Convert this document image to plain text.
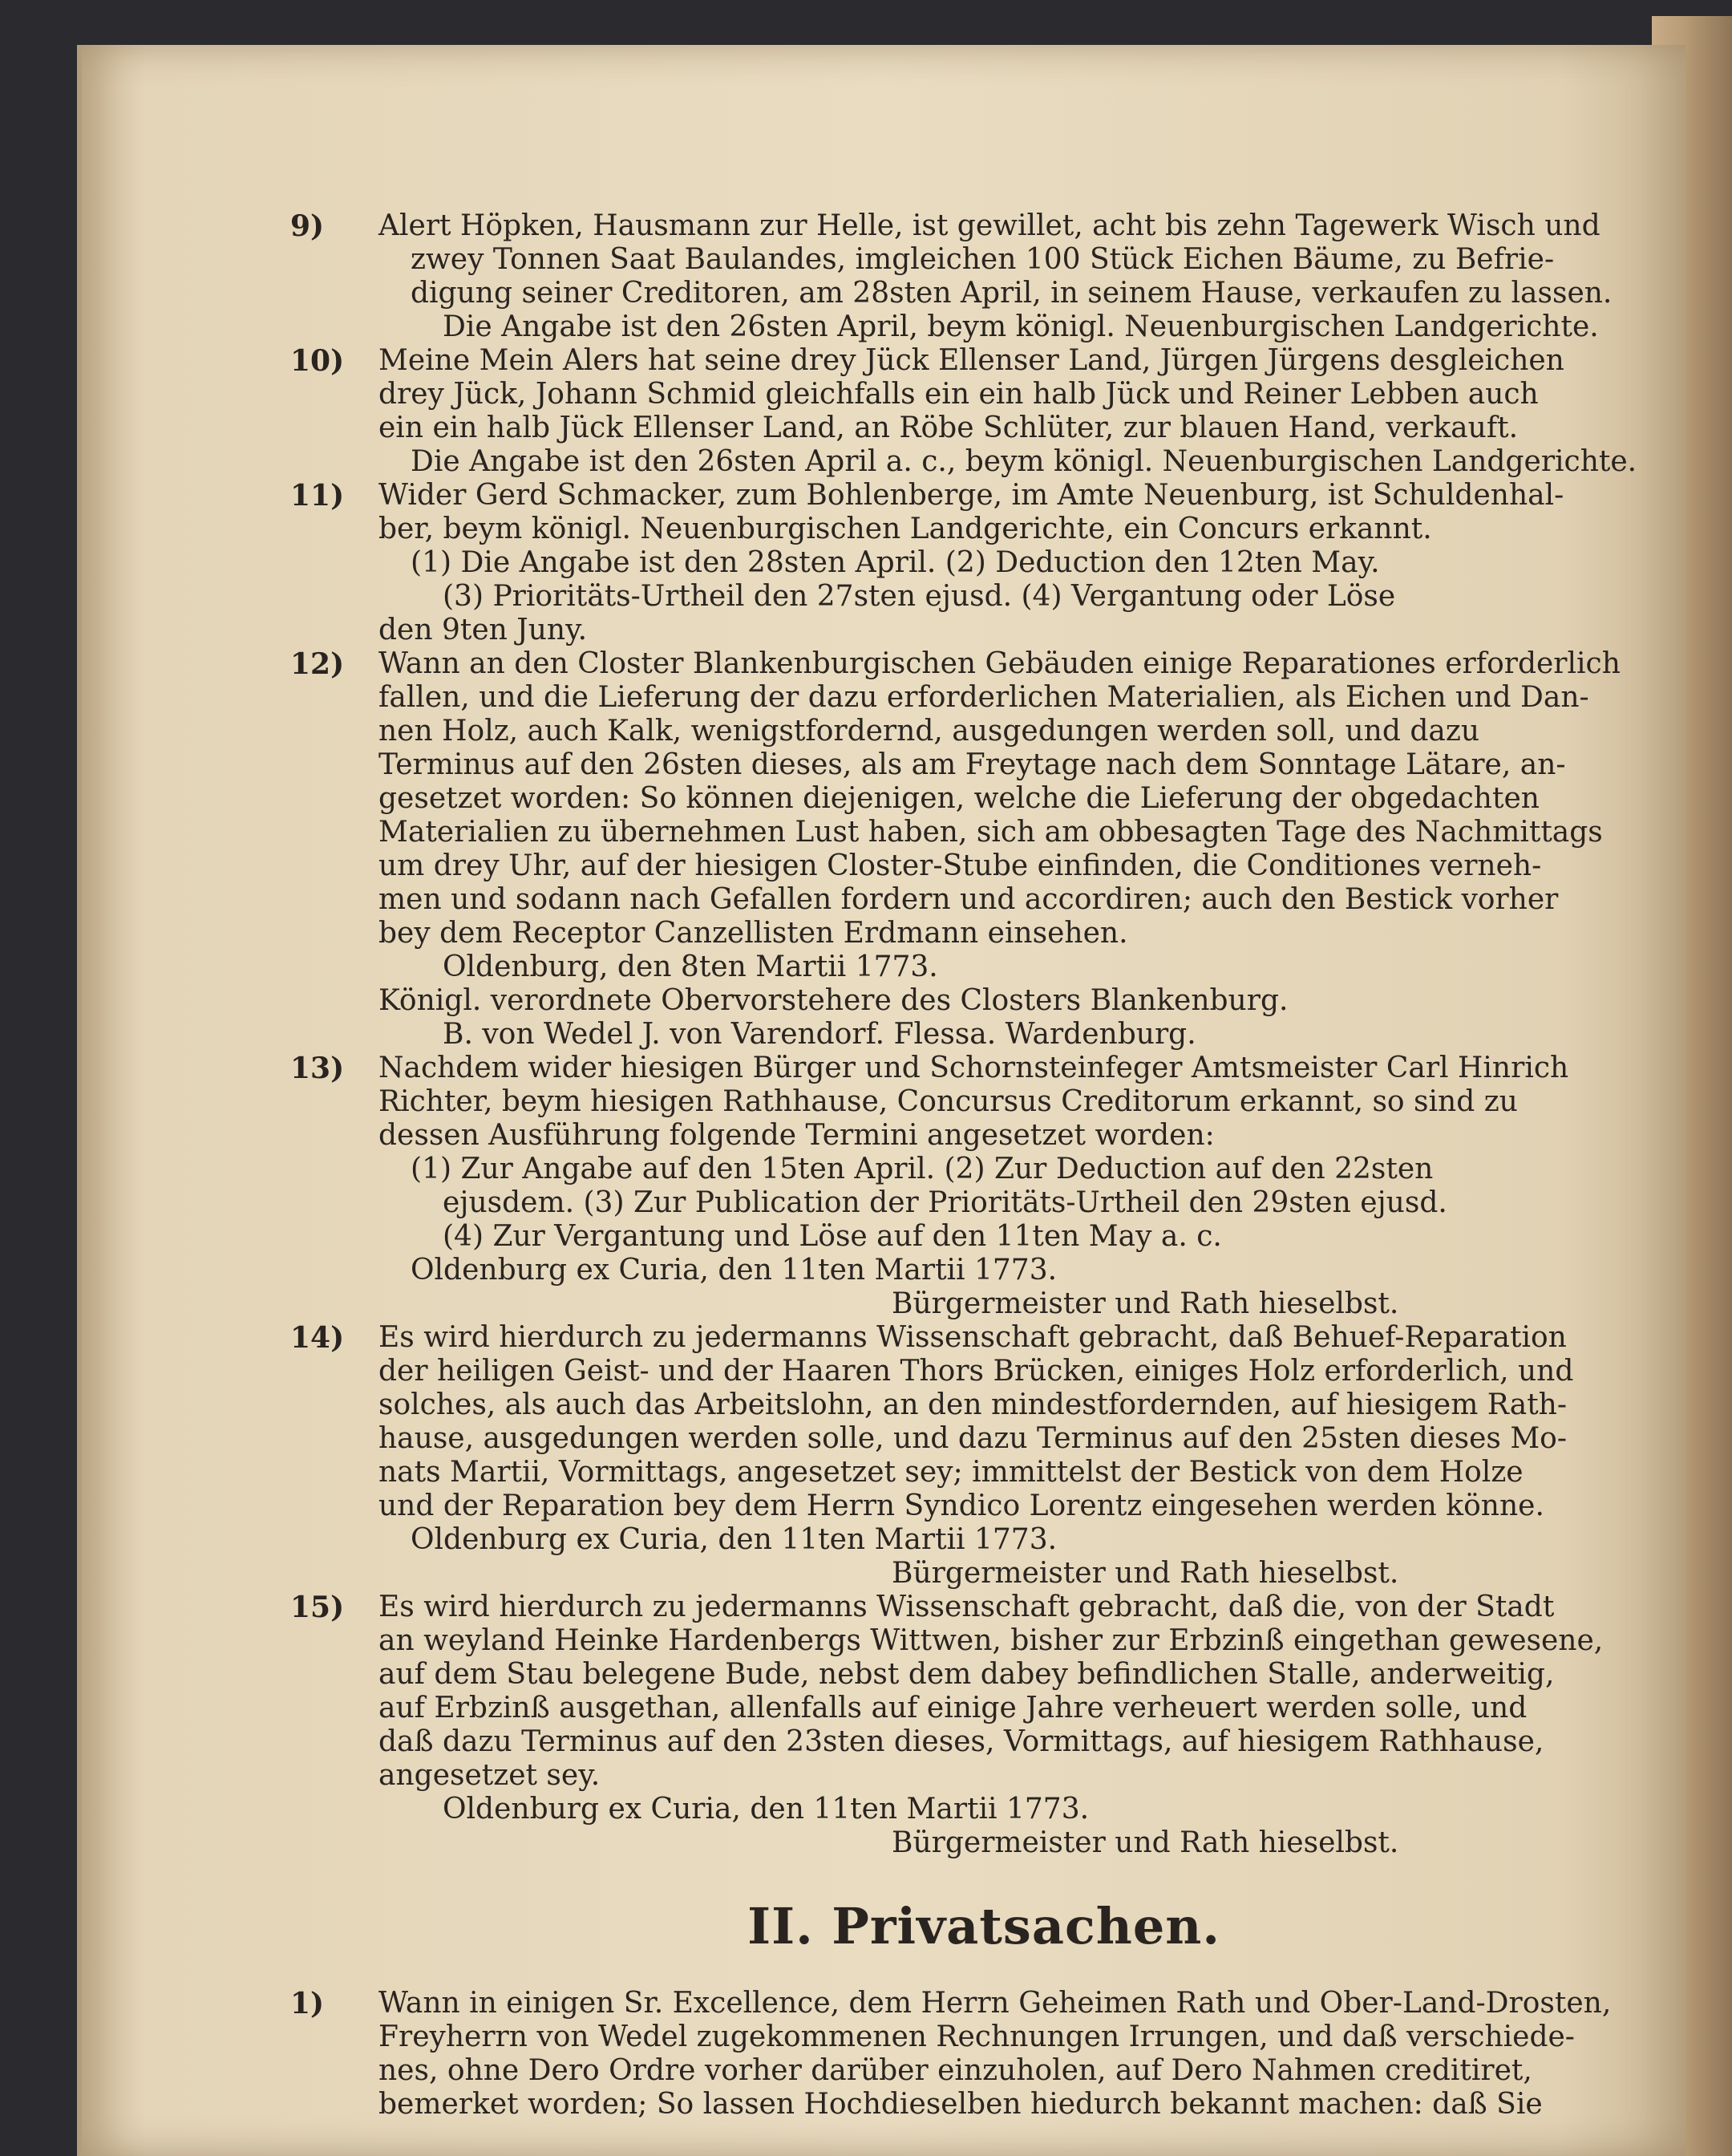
9)	Alert Höpken, Hausmann zur Helle, ist gewillet, acht bis zehn Tagewerk Wisch und
zwey Tonnen Saat Baulandes, imgleichen 100 Stück Eichen Bäume, zu Befrie-
digung seiner Creditoren, am 28sten April, in seinem Hause, verkaufen zu lassen.
Die Angabe ist den 26sten April, beym königl. Neuenburgischen Landgerichte.
10)	Meine Mein Alers hat seine drey Jück Ellenser Land, Jürgen Jürgens desgleichen
drey Jück, Johann Schmid gleichfalls ein ein halb Jück und Reiner Lebben auch
ein ein halb Jück Ellenser Land, an Röbe Schlüter, zur blauen Hand, verkauft.
Die Angabe ist den 26sten April a. c., beym königl. Neuenburgischen Landgerichte.
11)	Wider Gerd Schmacker, zum Bohlenberge, im Amte Neuenburg, ist Schuldenhal-
ber, beym königl. Neuenburgischen Landgerichte, ein Concurs erkannt.
(1) Die Angabe ist den 28sten April. (2) Deduction den 12ten May.
(3) Prioritäts-Urtheil den 27sten ejusd. (4) Vergantung oder Löse
den 9ten Juny.
12)	Wann an den Closter Blankenburgischen Gebäuden einige Reparationes erforderlich
fallen, und die Lieferung der dazu erforderlichen Materialien, als Eichen und Dan-
nen Holz, auch Kalk, wenigstfordernd, ausgedungen werden soll, und dazu
Terminus auf den 26sten dieses, als am Freytage nach dem Sonntage Lätare, an-
gesetzet worden: So können diejenigen, welche die Lieferung der obgedachten
Materialien zu übernehmen Lust haben, sich am obbesagten Tage des Nachmittags
um drey Uhr, auf der hiesigen Closter-Stube einfinden, die Conditiones verneh-
men und sodann nach Gefallen fordern und accordiren; auch den Bestick vorher
bey dem Receptor Canzellisten Erdmann einsehen.
Oldenburg, den 8ten Martii 1773.
Königl. verordnete Obervorstehere des Closters Blankenburg.
B. von Wedel J. von Varendorf. Flessa. Wardenburg.
13)	Nachdem wider hiesigen Bürger und Schornsteinfeger Amtsmeister Carl Hinrich
Richter, beym hiesigen Rathhause, Concursus Creditorum erkannt, so sind zu
dessen Ausführung folgende Termini angesetzet worden:
(1) Zur Angabe auf den 15ten April. (2) Zur Deduction auf den 22sten
ejusdem. (3) Zur Publication der Prioritäts-Urtheil den 29sten ejusd.
(4) Zur Vergantung und Löse auf den 11ten May a. c.
Oldenburg ex Curia, den 11ten Martii 1773.
Bürgermeister und Rath hieselbst.
14)	Es wird hierdurch zu jedermanns Wissenschaft gebracht, daß Behuef-Reparation
der heiligen Geist- und der Haaren Thors Brücken, einiges Holz erforderlich, und
solches, als auch das Arbeitslohn, an den mindestfordernden, auf hiesigem Rath-
hause, ausgedungen werden solle, und dazu Terminus auf den 25sten dieses Mo-
nats Martii, Vormittags, angesetzet sey; immittelst der Bestick von dem Holze
und der Reparation bey dem Herrn Syndico Lorentz eingesehen werden könne.
Oldenburg ex Curia, den 11ten Martii 1773.
Bürgermeister und Rath hieselbst.
15)	Es wird hierdurch zu jedermanns Wissenschaft gebracht, daß die, von der Stadt
an weyland Heinke Hardenbergs Wittwen, bisher zur Erbzinß eingethan gewesene,
auf dem Stau belegene Bude, nebst dem dabey befindlichen Stalle, anderweitig,
auf Erbzinß ausgethan, allenfalls auf einige Jahre verheuert werden solle, und
daß dazu Terminus auf den 23sten dieses, Vormittags, auf hiesigem Rathhause,
angesetzet sey.
Oldenburg ex Curia, den 11ten Martii 1773.
Bürgermeister und Rath hieselbst.
II. Privatsachen.
1)	Wann in einigen Sr. Excellence, dem Herrn Geheimen Rath und Ober-Land-Drosten,
Freyherrn von Wedel zugekommenen Rechnungen Irrungen, und daß verschiede-
nes, ohne Dero Ordre vorher darüber einzuholen, auf Dero Nahmen creditiret,
bemerket worden; So lassen Hochdieselben hiedurch bekannt machen: daß Sie
